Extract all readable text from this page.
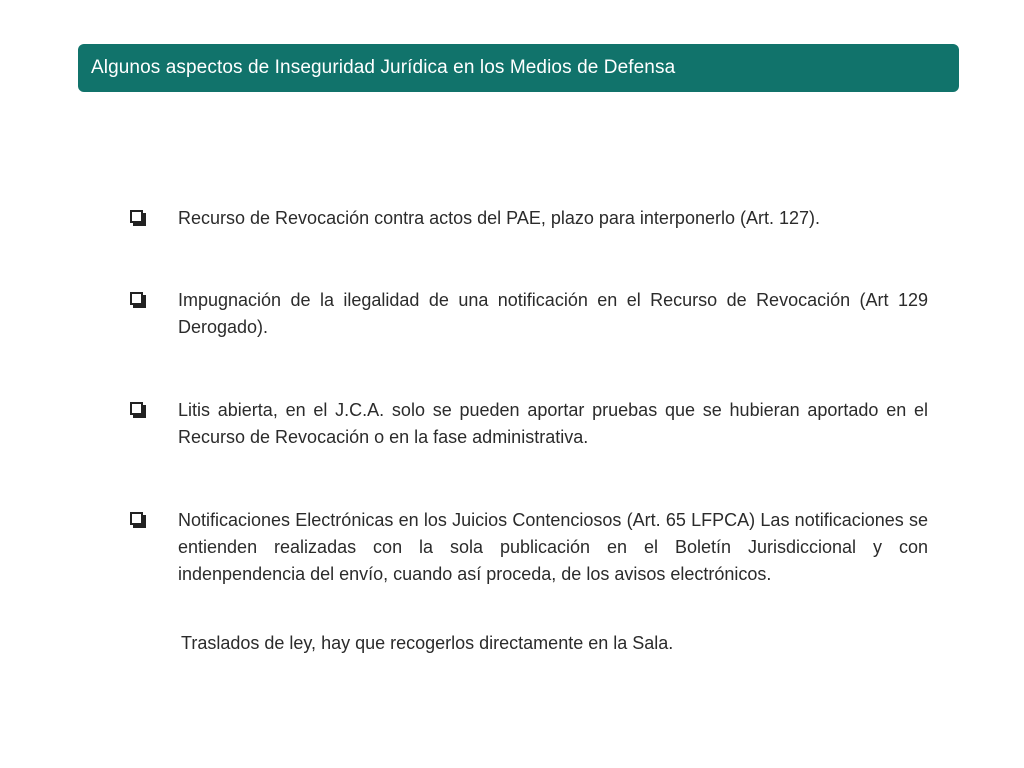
Algunos aspectos de Inseguridad Jurídica en los Medios de Defensa
Recurso de Revocación contra actos del PAE, plazo para interponerlo (Art. 127).
Impugnación de la ilegalidad de una notificación en el Recurso de Revocación (Art 129 Derogado).
Litis abierta, en el J.C.A. solo se pueden aportar pruebas que se hubieran aportado en el Recurso de Revocación o en la fase administrativa.
Notificaciones Electrónicas en los Juicios Contenciosos (Art. 65 LFPCA) Las notificaciones se entienden realizadas con la sola publicación en el Boletín Jurisdiccional y con indenpendencia del envío, cuando así proceda, de los avisos electrónicos.
Traslados de ley, hay que recogerlos directamente en la Sala.
